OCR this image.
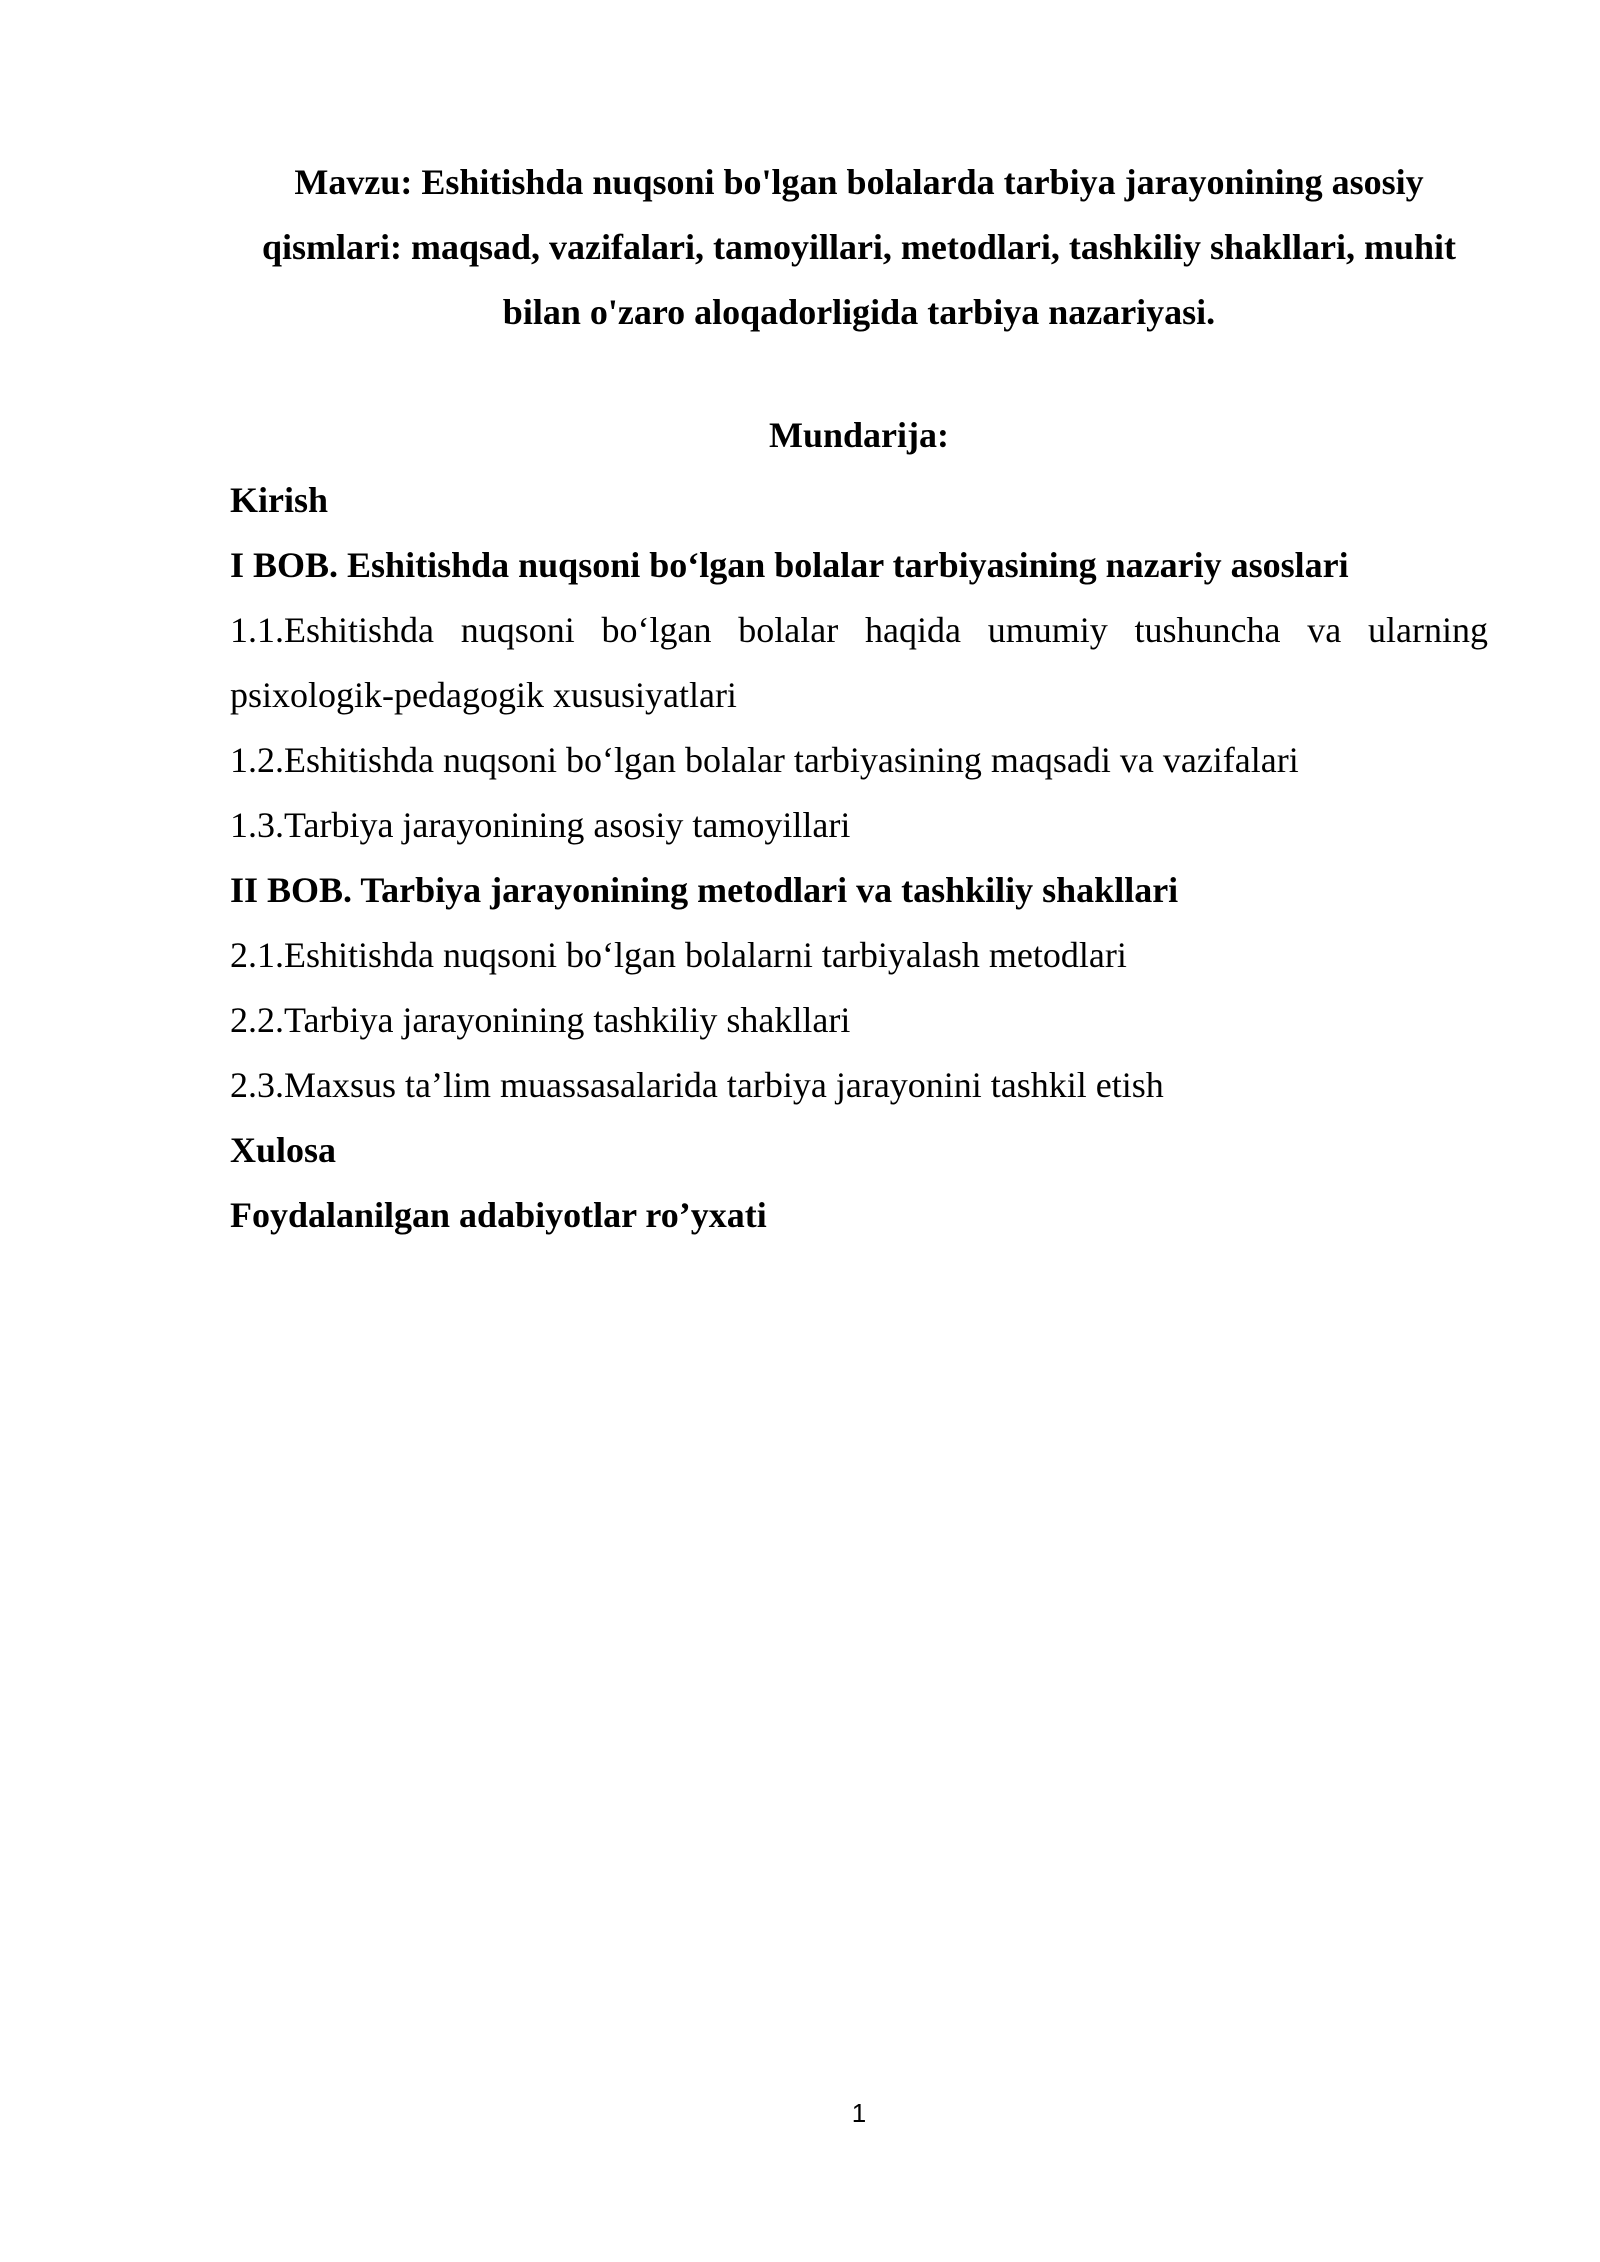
Mavzu: Eshitishda nuqsoni bo'lgan bolalarda tarbiya jarayonining asosiy qismlari: maqsad, vazifalari, tamoyillari, metodlari, tashkiliy shakllari, muhit bilan o'zaro aloqadorligida tarbiya nazariyasi.
Mundarija:
Kirish
I BOB. Eshitishda nuqsoni bo‘lgan bolalar tarbiyasining nazariy asoslari
1.1.Eshitishda nuqsoni bo‘lgan bolalar haqida umumiy tushuncha va ularning psixologik-pedagogik xususiyatlari
1.2.Eshitishda nuqsoni bo‘lgan bolalar tarbiyasining maqsadi va vazifalari
1.3.Tarbiya jarayonining asosiy tamoyillari
II BOB. Tarbiya jarayonining metodlari va tashkiliy shakllari
2.1.Eshitishda nuqsoni bo‘lgan bolalarni tarbiyalash metodlari
2.2.Tarbiya jarayonining tashkiliy shakllari
2.3.Maxsus ta’lim muassasalarida tarbiya jarayonini tashkil etish
Xulosa
Foydalanilgan adabiyotlar ro’yxati
1
